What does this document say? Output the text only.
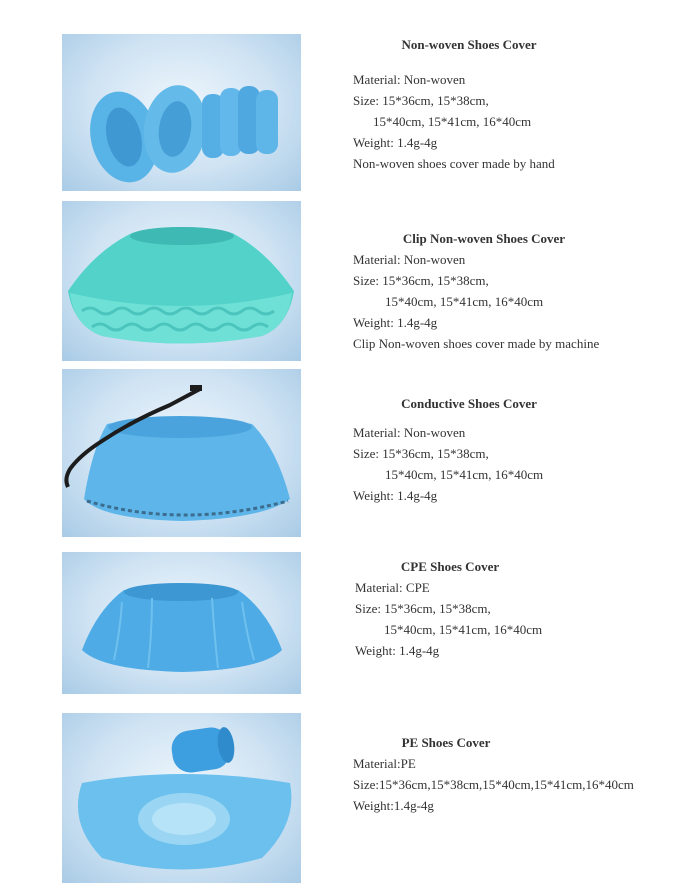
Non-woven Shoes Cover

Material: Non-woven

Size: 15*36cm, 15*38cm,

15*40cm, 15*41cm, 16*40cm

Weight: 1.4g-4g

Non-woven shoes cover made by hand

Clip Non-woven Shoes Cover

Material: Non-woven

Size: 15*36cm, 15*38cm,

15*40cm, 15*41cm, 16*40cm

Weight: 1.4g-4g

Clip Non-woven shoes cover made by machine

Conductive Shoes Cover

Material: Non-woven

Size: 15*36cm, 15*38cm,

15*40cm, 15*41cm, 16*40cm

Weight: 1.4g-4g

CPE Shoes Cover

Material: CPE

Size: 15*36cm, 15*38cm,

15*40cm, 15*41cm, 16*40cm

Weight: 1.4g-4g

PE Shoes Cover

Material:PE

Size:15*36cm,15*38cm,15*40cm,15*41cm,16*40cm

Weight:1.4g-4g
